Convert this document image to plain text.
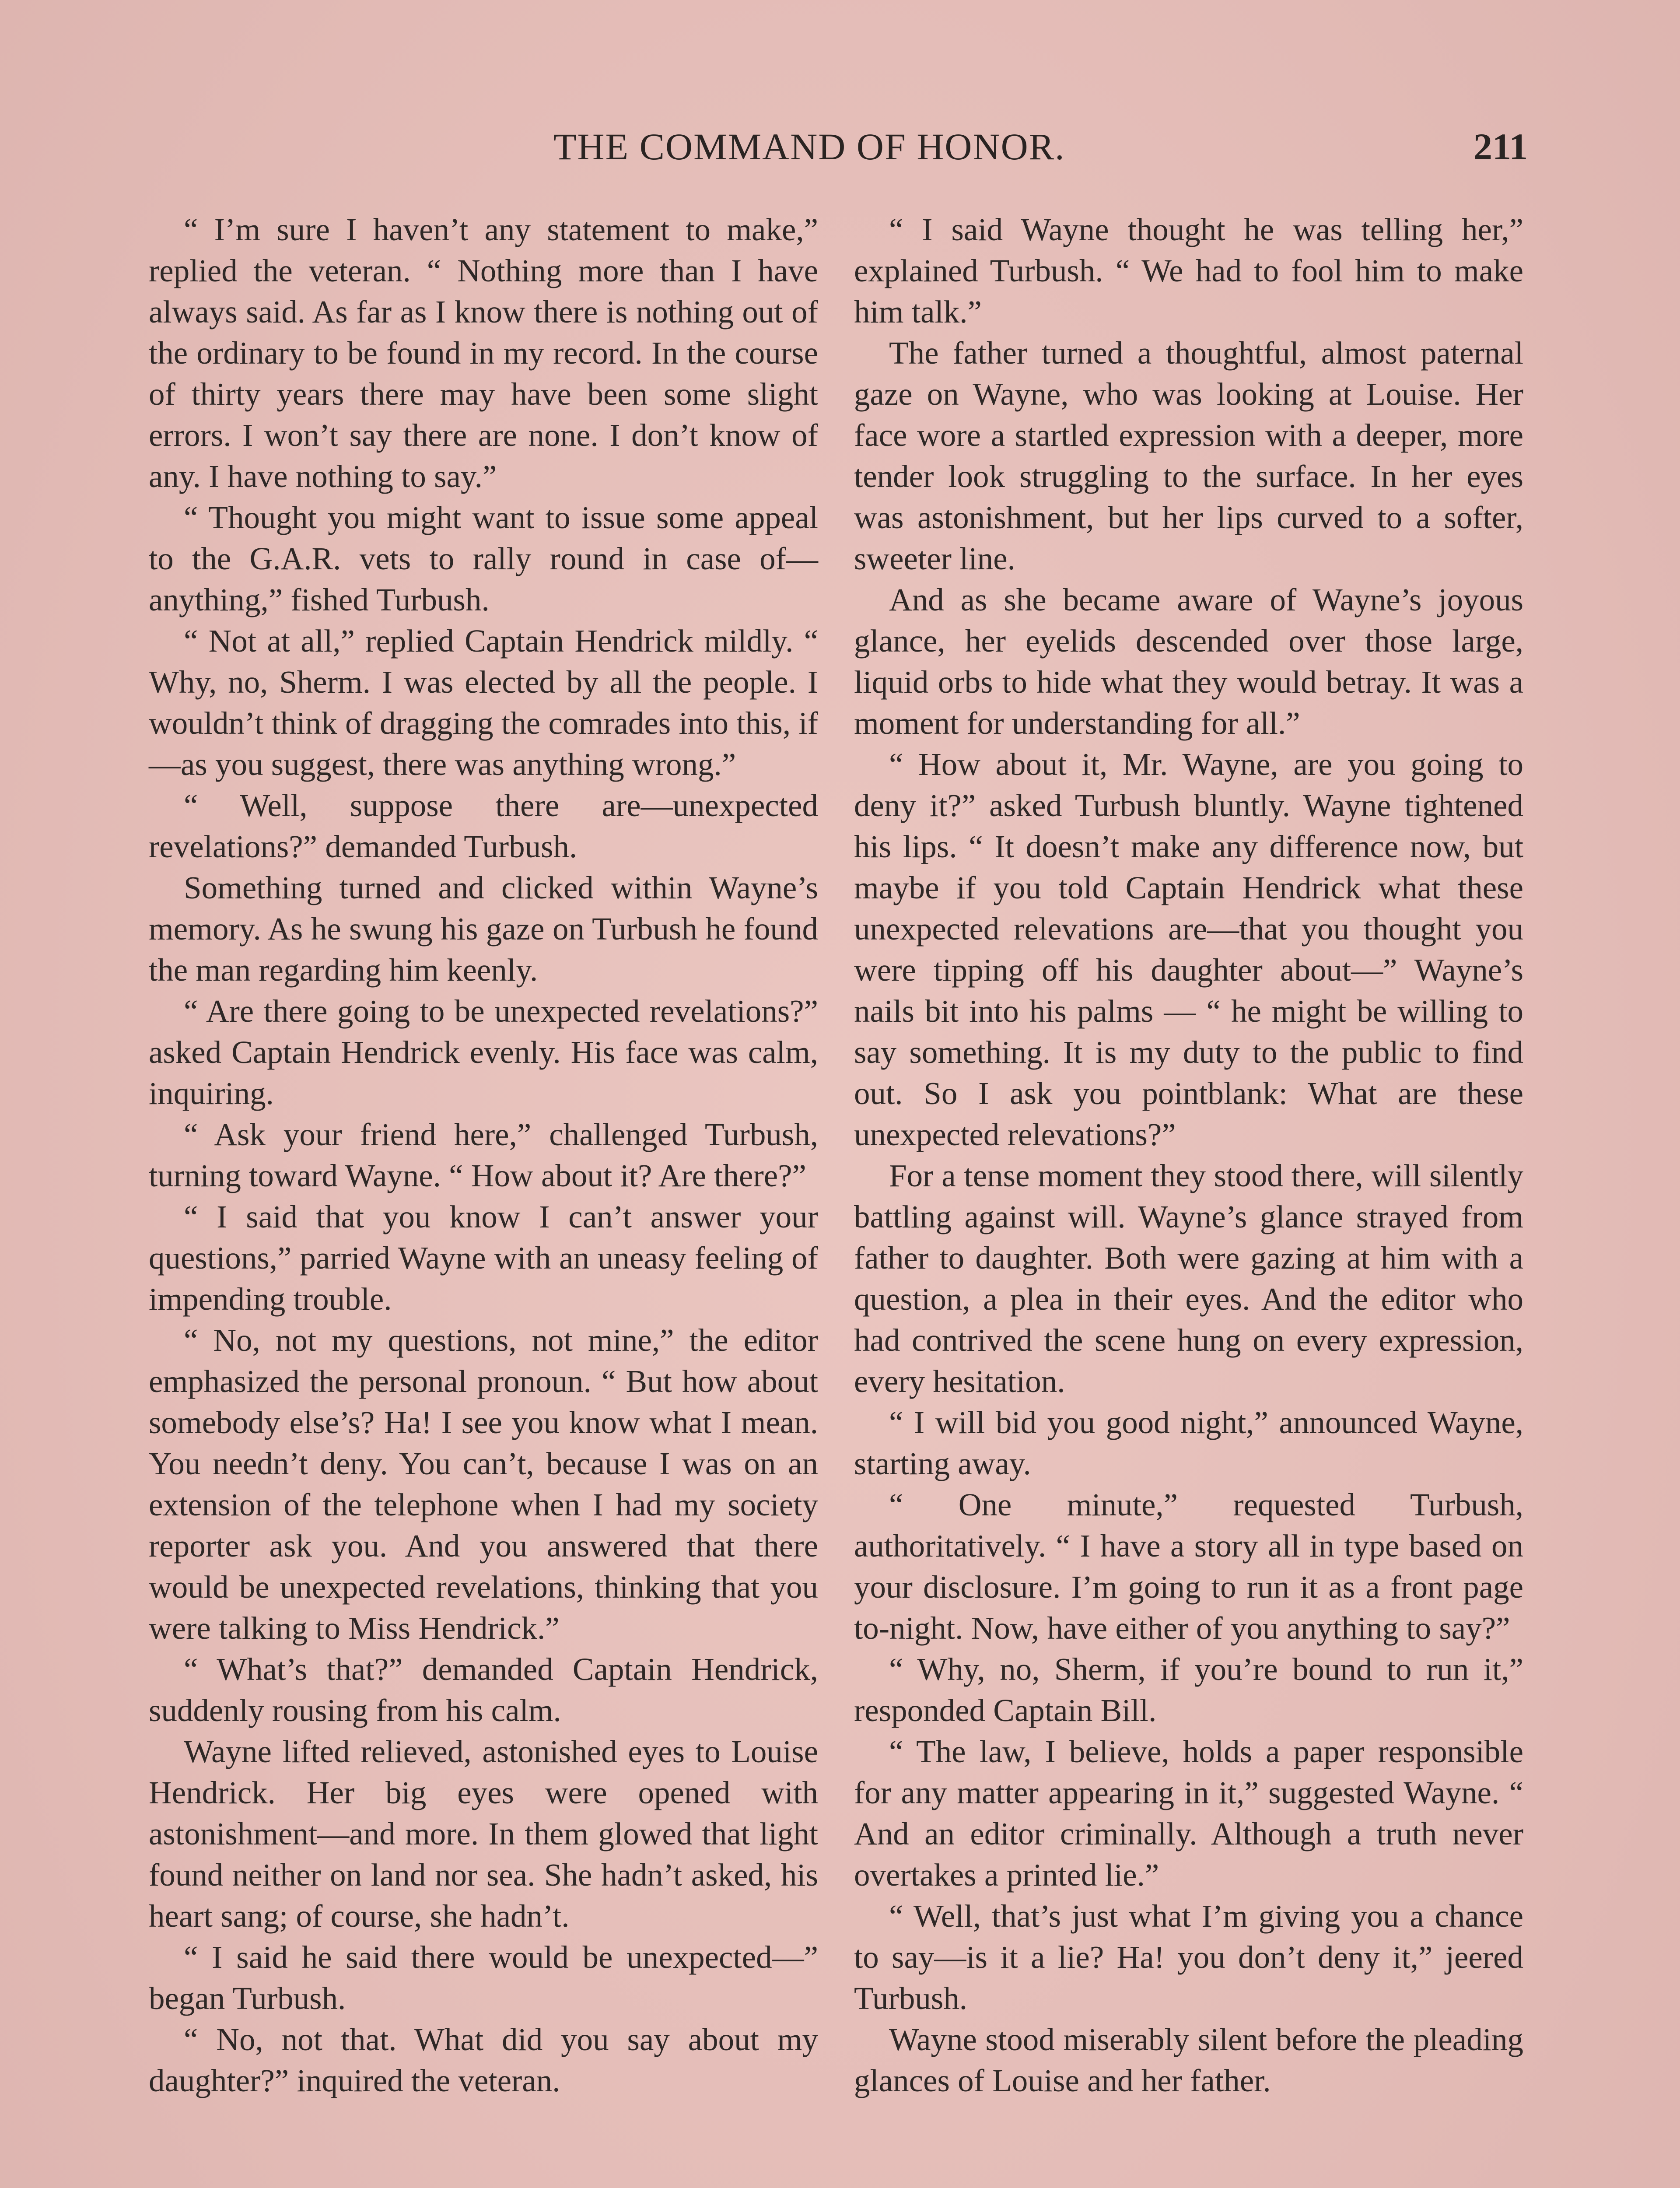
THE COMMAND OF HONOR.	211

“ I’m sure I haven’t any statement to make,” replied the veteran. “ Nothing more than I have always said. As far as I know there is nothing out of the ordinary to be found in my record. In the course of thirty years there may have been some slight errors. I won’t say there are none. I don’t know of any. I have nothing to say.”

“ Thought you might want to issue some appeal to the G.A.R. vets to rally round in case of—anything,” fished Turbush.

“ Not at all,” replied Captain Hendrick mildly. “ Why, no, Sherm. I was elected by all the people. I wouldn’t think of dragging the comrades into this, if—as you suggest, there was anything wrong.”

“ Well, suppose there are—unexpected revelations?” demanded Turbush.

Something turned and clicked within Wayne’s memory. As he swung his gaze on Turbush he found the man regarding him keenly.

“ Are there going to be unexpected revelations?” asked Captain Hendrick evenly. His face was calm, inquiring.

“ Ask your friend here,” challenged Turbush, turning toward Wayne. “ How about it? Are there?”

“ I said that you know I can’t answer your questions,” parried Wayne with an uneasy feeling of impending trouble.

“ No, not my questions, not mine,” the editor emphasized the personal pronoun. “ But how about somebody else’s? Ha! I see you know what I mean. You needn’t deny. You can’t, because I was on an extension of the telephone when I had my society reporter ask you. And you answered that there would be unexpected revelations, thinking that you were talking to Miss Hendrick.”

“ What’s that?” demanded Captain Hendrick, suddenly rousing from his calm.

Wayne lifted relieved, astonished eyes to Louise Hendrick. Her big eyes were opened with astonishment—and more. In them glowed that light found neither on land nor sea. She hadn’t asked, his heart sang; of course, she hadn’t.

“ I said he said there would be unexpected—” began Turbush.

“ No, not that. What did you say about my daughter?” inquired the veteran.

“ I said Wayne thought he was telling her,” explained Turbush. “ We had to fool him to make him talk.”

The father turned a thoughtful, almost paternal gaze on Wayne, who was looking at Louise. Her face wore a startled expression with a deeper, more tender look struggling to the surface. In her eyes was astonishment, but her lips curved to a softer, sweeter line.

And as she became aware of Wayne’s joyous glance, her eyelids descended over those large, liquid orbs to hide what they would betray. It was a moment for understanding for all.”

“ How about it, Mr. Wayne, are you going to deny it?” asked Turbush bluntly. Wayne tightened his lips. “ It doesn’t make any difference now, but maybe if you told Captain Hendrick what these unexpected relevations are—that you thought you were tipping off his daughter about—” Wayne’s nails bit into his palms — “ he might be willing to say something. It is my duty to the public to find out. So I ask you pointblank: What are these unexpected relevations?”

For a tense moment they stood there, will silently battling against will. Wayne’s glance strayed from father to daughter. Both were gazing at him with a question, a plea in their eyes. And the editor who had contrived the scene hung on every expression, every hesitation.

“ I will bid you good night,” announced Wayne, starting away.

“ One minute,” requested Turbush, authoritatively. “ I have a story all in type based on your disclosure. I’m going to run it as a front page to-night. Now, have either of you anything to say?”

“ Why, no, Sherm, if you’re bound to run it,” responded Captain Bill.

“ The law, I believe, holds a paper responsible for any matter appearing in it,” suggested Wayne. “ And an editor criminally. Although a truth never overtakes a printed lie.”

“ Well, that’s just what I’m giving you a chance to say—is it a lie? Ha! you don’t deny it,” jeered Turbush.

Wayne stood miserably silent before the pleading glances of Louise and her father.
